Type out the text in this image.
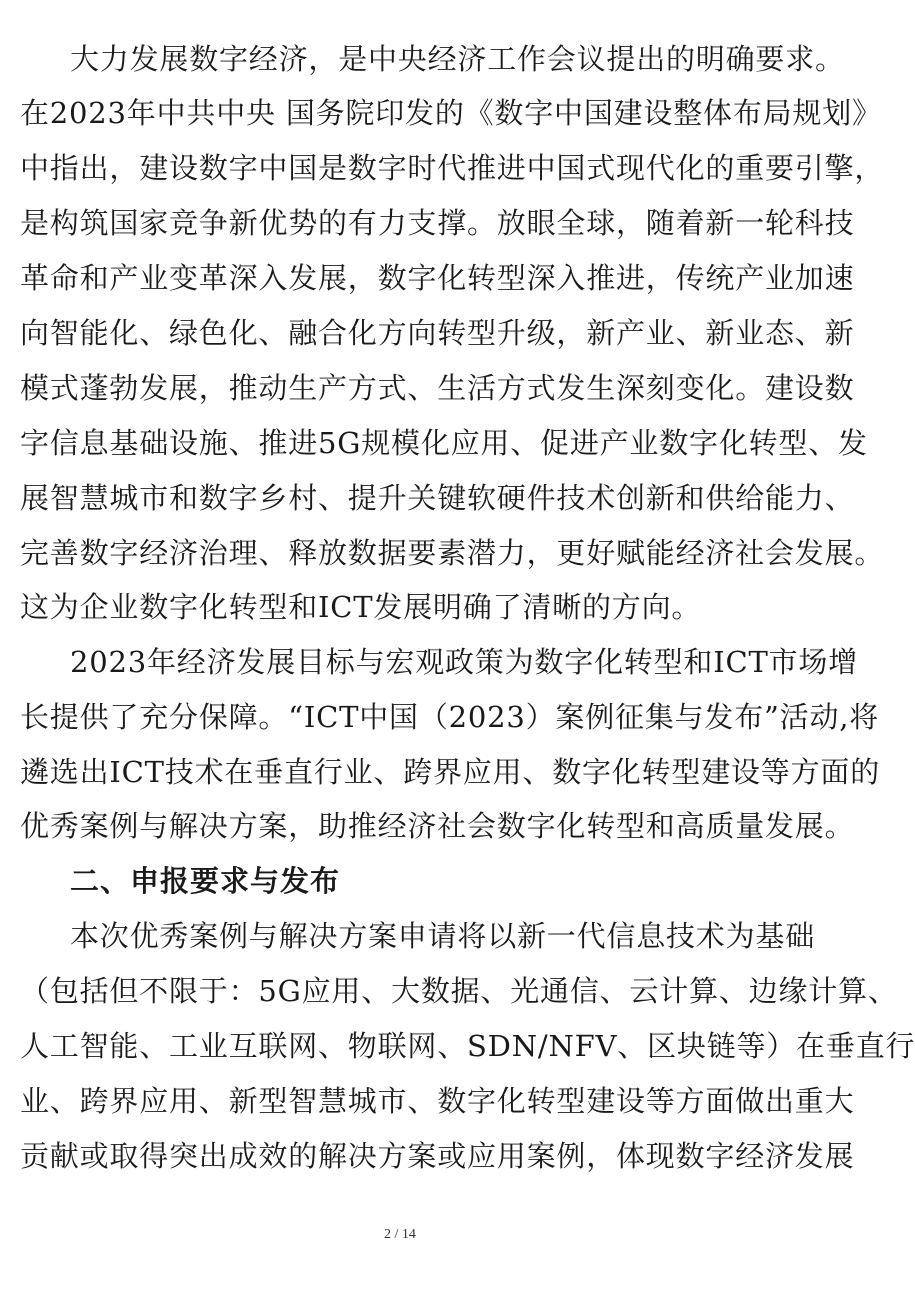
大力发展数字经济，是中央经济工作会议提出的明确要求。
在2023年中共中央 国务院印发的《数字中国建设整体布局规划》
中指出，建设数字中国是数字时代推进中国式现代化的重要引擎，
是构筑国家竞争新优势的有力支撑。放眼全球，随着新一轮科技
革命和产业变革深入发展，数字化转型深入推进，传统产业加速
向智能化、绿色化、融合化方向转型升级，新产业、新业态、新
模式蓬勃发展，推动生产方式、生活方式发生深刻变化。建设数
字信息基础设施、推进5G规模化应用、促进产业数字化转型、发
展智慧城市和数字乡村、提升关键软硬件技术创新和供给能力、
完善数字经济治理、释放数据要素潜力，更好赋能经济社会发展。
这为企业数字化转型和ICT发展明确了清晰的方向。
2023年经济发展目标与宏观政策为数字化转型和ICT市场增
长提供了充分保障。“ICT中国（2023）案例征集与发布”活动,将
遴选出ICT技术在垂直行业、跨界应用、数字化转型建设等方面的
优秀案例与解决方案，助推经济社会数字化转型和高质量发展。
二、申报要求与发布
本次优秀案例与解决方案申请将以新一代信息技术为基础
（包括但不限于：5G应用、大数据、光通信、云计算、边缘计算、
人工智能、工业互联网、物联网、SDN/NFV、区块链等）在垂直行
业、跨界应用、新型智慧城市、数字化转型建设等方面做出重大
贡献或取得突出成效的解决方案或应用案例，体现数字经济发展
2 / 14
